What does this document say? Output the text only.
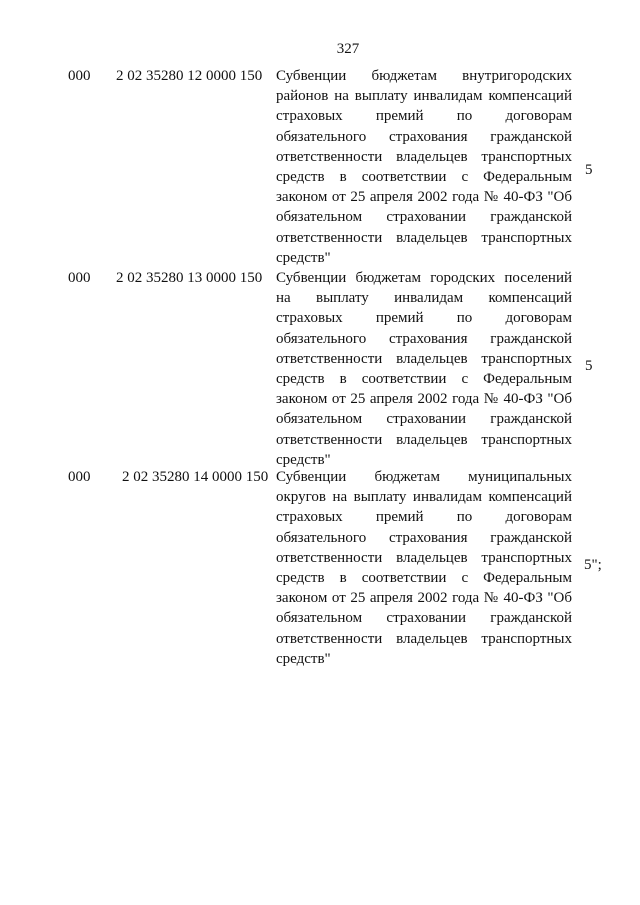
327
000 2 02 35280 12 0000 150 Субвенции бюджетам внутригородских районов на выплату инвалидам компенсаций страховых премий по договорам обязательного страхования гражданской ответственности владельцев транспортных средств в соответствии с Федеральным законом от 25 апреля 2002 года № 40-ФЗ "Об обязательном страховании гражданской ответственности владельцев транспортных средств"
5
000 2 02 35280 13 0000 150 Субвенции бюджетам городских поселений на выплату инвалидам компенсаций страховых премий по договорам обязательного страхования гражданской ответственности владельцев транспортных средств в соответствии с Федеральным законом от 25 апреля 2002 года № 40-ФЗ "Об обязательном страховании гражданской ответственности владельцев транспортных средств"
5
000 2 02 35280 14 0000 150 Субвенции бюджетам муниципальных округов на выплату инвалидам компенсаций страховых премий по договорам обязательного страхования гражданской ответственности владельцев транспортных средств в соответствии с Федеральным законом от 25 апреля 2002 года № 40-ФЗ "Об обязательном страховании гражданской ответственности владельцев транспортных средств"
5";
